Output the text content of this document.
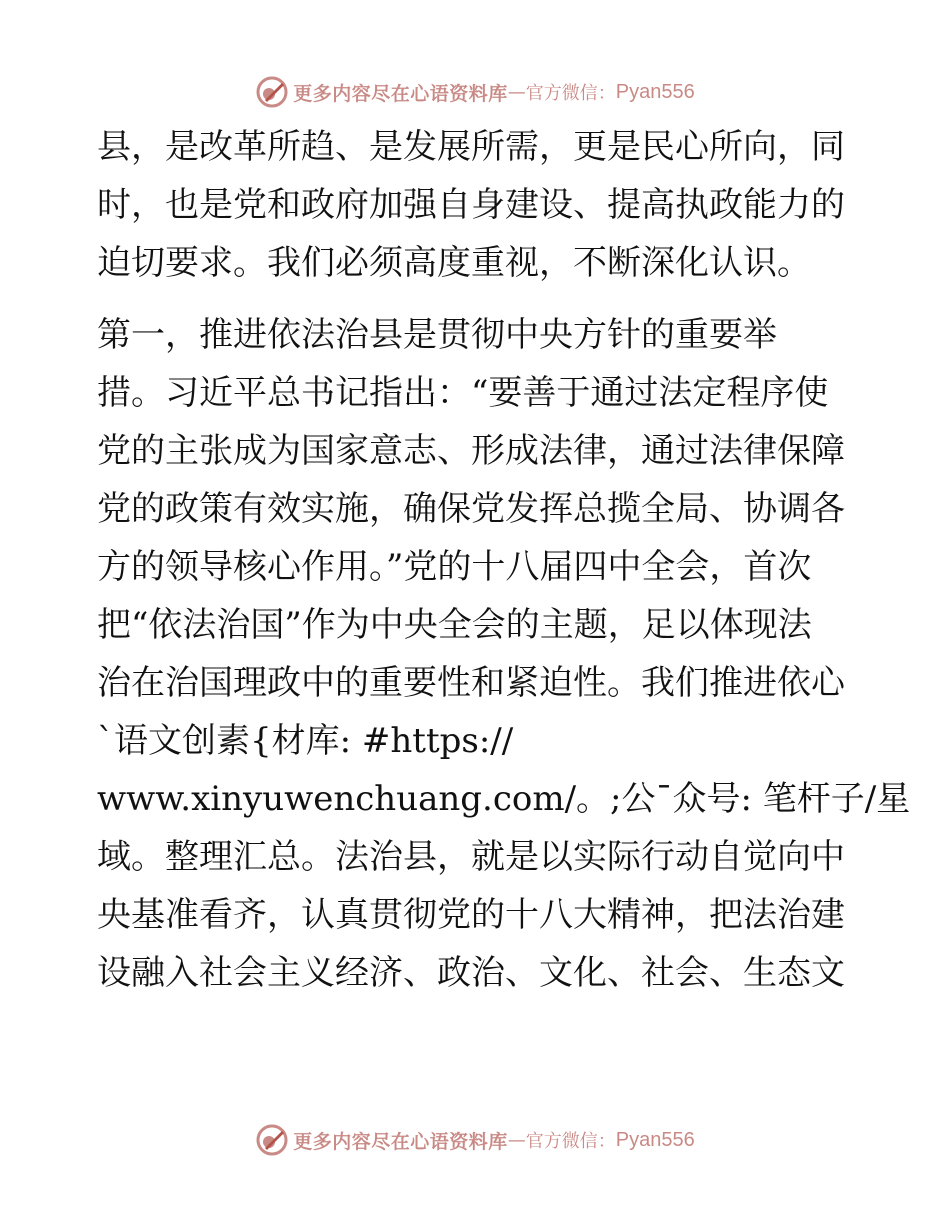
更多内容尽在心语资料库 — 官方微信： Pyan556

县，是改革所趋、是发展所需，更是民心所向，同
时，也是党和政府加强自身建设、提高执政能力的
迫切要求。我们必须高度重视，不断深化认识。

第一，推进依法治县是贯彻中央方针的重要举
措。习近平总书记指出：“要善于通过法定程序使
党的主张成为国家意志、形成法律，通过法律保障
党的政策有效实施，确保党发挥总揽全局、协调各
方的领导核心作用。”党的十八届四中全会，首次
把“依法治国”作为中央全会的主题，足以体现法
治在治国理政中的重要性和紧迫性。我们推进依心
`语文创素{材库: #https://
www.xinyuwenchuang.com/。;公¯众号: 笔杆子/星
域。整理汇总。法治县，就是以实际行动自觉向中
央基准看齐，认真贯彻党的十八大精神，把法治建
设融入社会主义经济、政治、文化、社会、生态文

更多内容尽在心语资料库 — 官方微信： Pyan556
